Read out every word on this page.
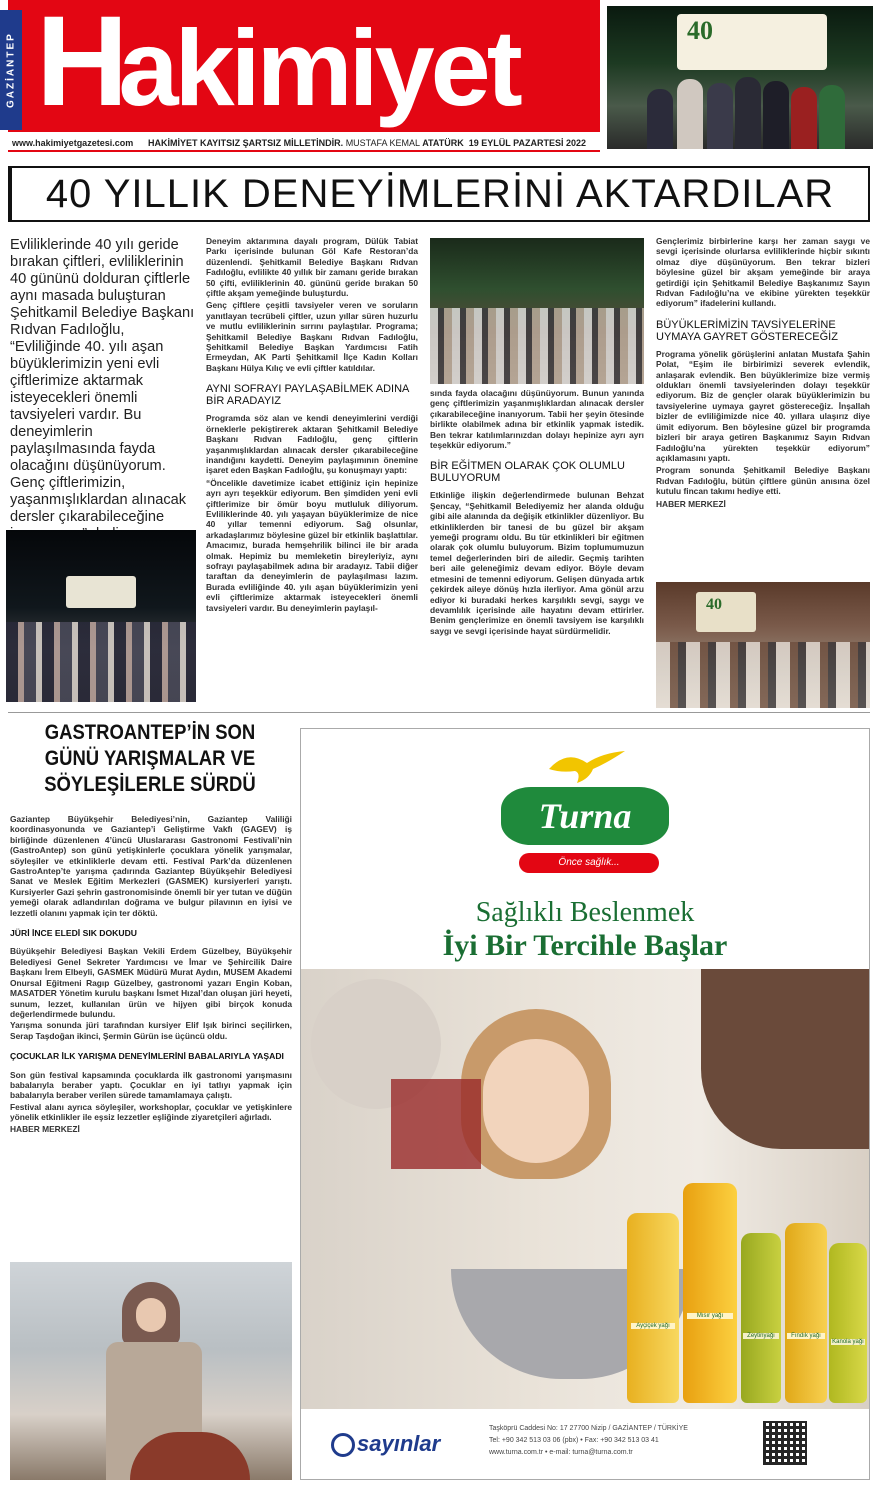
Hakimiyet
GAZİANTEP
40
www.hakimiyetgazetesi.com HAKİMİYET KAYITSIZ ŞARTSIZ MİLLETİNDİR. MUSTAFA KEMAL ATATÜRK 19 EYLÜL PAZARTESİ 2022
40 YILLIK DENEYİMLERİNİ AKTARDILAR
Evliliklerinde 40 yılı geride bırakan çiftleri, evliliklerinin 40 gününü dolduran çiftlerle aynı masada buluşturan Şehitkamil Belediye Başkanı Rıdvan Fadıloğlu, “Evliliğinde 40. yılı aşan büyüklerimizin yeni evli çiftlerimize aktarmak isteyecekleri önemli tavsiyeleri vardır. Bu deneyimlerin paylaşılmasında fayda olacağını düşünüyorum. Genç çiftlerimizin, yaşanmışlıklardan alınacak dersler çıkarabileceğine

Deneyim aktarımına dayalı program, Dülük Tabiat Parkı içerisinde bulunan Göl Kafe Restoran’da düzenlendi. Şehitkamil Belediye Başkanı Rıdvan Fadıloğlu, evlilikte 40 yıllık bir zamanı geride bırakan 50 çifti, evliliklerinin 40. gününü geride bırakan 50 çiftle akşam yemeğinde buluşturdu.

Genç çiftlere çeşitli tavsiyeler veren ve soruların yanıtlayan tecrübeli çiftler, uzun yıllar süren huzurlu ve mutlu evliliklerinin sırrını paylaştılar. Programa; Şehitkamil Belediye Başkanı Rıdvan Fadıloğlu, Şehitkamil Belediye Başkan Yardımcısı Fatih Ermeydan, AK Parti Şehitkamil İlçe Kadın Kolları Başkanı Hülya Kılıç ve evli çiftler katıldılar.

AYNI SOFRAYI PAYLAŞABİLMEK ADINA BİR ARADAYIZ

Programda söz alan ve kendi deneyimlerini verdiği örneklerle pekiştirerek aktaran Şehitkamil Belediye Başkanı Rıdvan Fadıloğlu, genç çiftlerin yaşanmışlıklardan alınacak dersler çıkarabileceğine inandığını kaydetti. Deneyim paylaşımının önemine işaret eden Başkan Fadıloğlu, şu konuşmayı yaptı:

“Öncelikle davetimize icabet ettiğiniz için hepinize ayrı ayrı teşekkür ediyorum. Ben şimdiden yeni evli çiftlerimize bir ömür boyu mutluluk diliyorum. Evliliklerinde 40. yılı yaşayan büyüklerimize de nice 40 yıllar temenni ediyorum. Sağ olsunlar, arkadaşlarımız böylesine güzel bir etkinlik başlattılar. Amacımız, burada hemşehrilik bilinci ile bir arada olmak. Hepimiz bu memleketin bireyleriyiz, aynı sofrayı paylaşabilmek adına bir aradayız. Tabii diğer taraftan da deneyimlerin de paylaşılması lazım. Burada evliliğinde 40. yılı aşan büyüklerimizin yeni evli çiftlerimize aktarmak isteyecekleri önemli tavsiyeleri vardır. Bu deneyimlerin paylaşıl-

sında fayda olacağını düşünüyorum. Bunun yanında genç çiftlerimizin yaşanmışlıklardan alınacak dersler çıkarabileceğine inanıyorum. Tabii her şeyin ötesinde birlikte olabilmek adına bir etkinlik yapmak istedik. Ben tekrar katılımlarınızdan dolayı hepinize ayrı ayrı teşekkür ediyorum.”

BİR EĞİTMEN OLARAK ÇOK OLUMLU BULUYORUM

Etkinliğe ilişkin değerlendirmede bulunan Behzat Şencay, “Şehitkamil Belediyemiz her alanda olduğu gibi aile alanında da değişik etkinlikler düzenliyor. Bu etkinliklerden bir tanesi de bu güzel bir akşam yemeği programı oldu. Bu tür etkinlikleri bir eğitmen olarak çok olumlu buluyorum. Bizim toplumumuzun temel değerlerinden biri de ailedir. Geçmiş tarihten beri aile geleneğimiz devam ediyor. Böyle devam etmesini de temenni ediyorum. Gelişen dünyada artık çekirdek aileye dönüş hızla ilerliyor. Ama gönül arzu ediyor ki buradaki herkes karşılıklı sevgi, saygı ve devamlılık içerisinde aile hayatını devam ettirirler. Benim gençlerimize en önemli tavsiyem ise karşılıklı saygı ve sevgi içerisinde hayat sürdürmelidir.

Gençlerimiz birbirlerine karşı her zaman saygı ve sevgi içerisinde olurlarsa evliliklerinde hiçbir sıkıntı olmaz diye düşünüyorum. Ben tekrar bizleri böylesine güzel bir akşam yemeğinde bir araya getirdiği için Şehitkamil Belediye Başkanımız Sayın Rıdvan Fadıloğlu’na ve ekibine yürekten teşekkür ediyorum” ifadelerini kullandı.

BÜYÜKLERİMİZİN TAVSİYELERİNE UYMAYA GAYRET GÖSTERECEĞİZ

Programa yönelik görüşlerini anlatan Mustafa Şahin Polat, “Eşim ile birbirimizi severek evlendik, anlaşarak evlendik. Ben büyüklerimize bize vermiş oldukları önemli tavsiyelerinden dolayı teşekkür ediyorum. Biz de gençler olarak büyüklerimizin bu tavsiyelerine uymaya gayret göstereceğiz. İnşallah bizler de evliliğimizde nice 40. yıllara ulaşırız diye ümit ediyorum. Ben böylesine güzel bir programda bizleri bir araya getiren Başkanımız Sayın Rıdvan Fadıloğlu’na yürekten teşekkür ediyorum” açıklamasını yaptı.

Program sonunda Şehitkamil Belediye Başkanı Rıdvan Fadıloğlu, bütün çiftlere günün anısına özel kutulu fincan takımı hediye etti.

HABER MERKEZİ

40
GASTROANTEP’İN SON GÜNÜ YARIŞMALAR VE SÖYLEŞİLERLE SÜRDÜ

Gaziantep Büyükşehir Belediyesi’nin, Gaziantep Valiliği koordinasyonunda ve Gaziantep’i Geliştirme Vakfı (GAGEV) iş birliğinde düzenlenen 4’üncü Uluslararası Gastronomi Festivali’nin (GastroAntep) son günü yetişkinlerle çocuklara yönelik yarışmalar, söyleşiler ve etkinliklerle devam etti. Festival Park’da düzenlenen GastroAntep’te yarışma çadırında Gaziantep Büyükşehir Belediyesi Sanat ve Meslek Eğitim Merkezleri (GASMEK) kursiyerleri yarıştı. Kursiyerler Gazi şehrin gastronomisinde önemli bir yer tutan ve düğün yemeği olarak adlandırılan doğrama ve bulgur pilavının en iyisi ve lezzetli olanını yapmak için ter döktü.

JÜRİ İNCE ELEDİ SIK DOKUDU

Büyükşehir Belediyesi Başkan Vekili Erdem Güzelbey, Büyükşehir Belediyesi Genel Sekreter Yardımcısı ve İmar ve Şehircilik Daire Başkanı İrem Elbeyli, GASMEK Müdürü Murat Aydın, MUSEM Akademi Onursal Eğitmeni Ragıp Güzelbey, gastronomi yazarı Engin Koban, MASATDER Yönetim kurulu başkanı İsmet Hızal’dan oluşan jüri heyeti, sunum, lezzet, kullanılan ürün ve hijyen gibi birçok konuda değerlendirmede bulundu.

Yarışma sonunda jüri tarafından kursiyer Elif Işık birinci seçilirken, Serap Taşdoğan ikinci, Şermin Gürün ise üçüncü oldu.

ÇOCUKLAR İLK YARIŞMA DENEYİMLERİNİ BABALARIYLA YAŞADI

Son gün festival kapsamında çocuklarda ilk gastronomi yarışmasını babalarıyla beraber yaptı. Çocuklar en iyi tatlıyı yapmak için babalarıyla beraber verilen sürede tamamlamaya çalıştı.

Festival alanı ayrıca söyleşiler, workshoplar, çocuklar ve yetişkinlere yönelik etkinlikler ile eşsiz lezzetler eşliğinde ziyaretçileri ağırladı.

HABER MERKEZİ

Turna
Önce sağlık...
Sağlıklı Beslenmek
İyi Bir Tercihle Başlar
Ayçiçek yağı
Mısır yağı
Zeytinyağı	Fındık yağı
Kanola yağı
sayınlar
Taşköprü Caddesi No: 17 27700 Nizip / GAZİANTEP / TÜRKİYE
Tel: +90 342 513 03 06 (pbx) • Fax: +90 342 513 03 41
www.turna.com.tr • e-mail: turna@turna.com.tr
